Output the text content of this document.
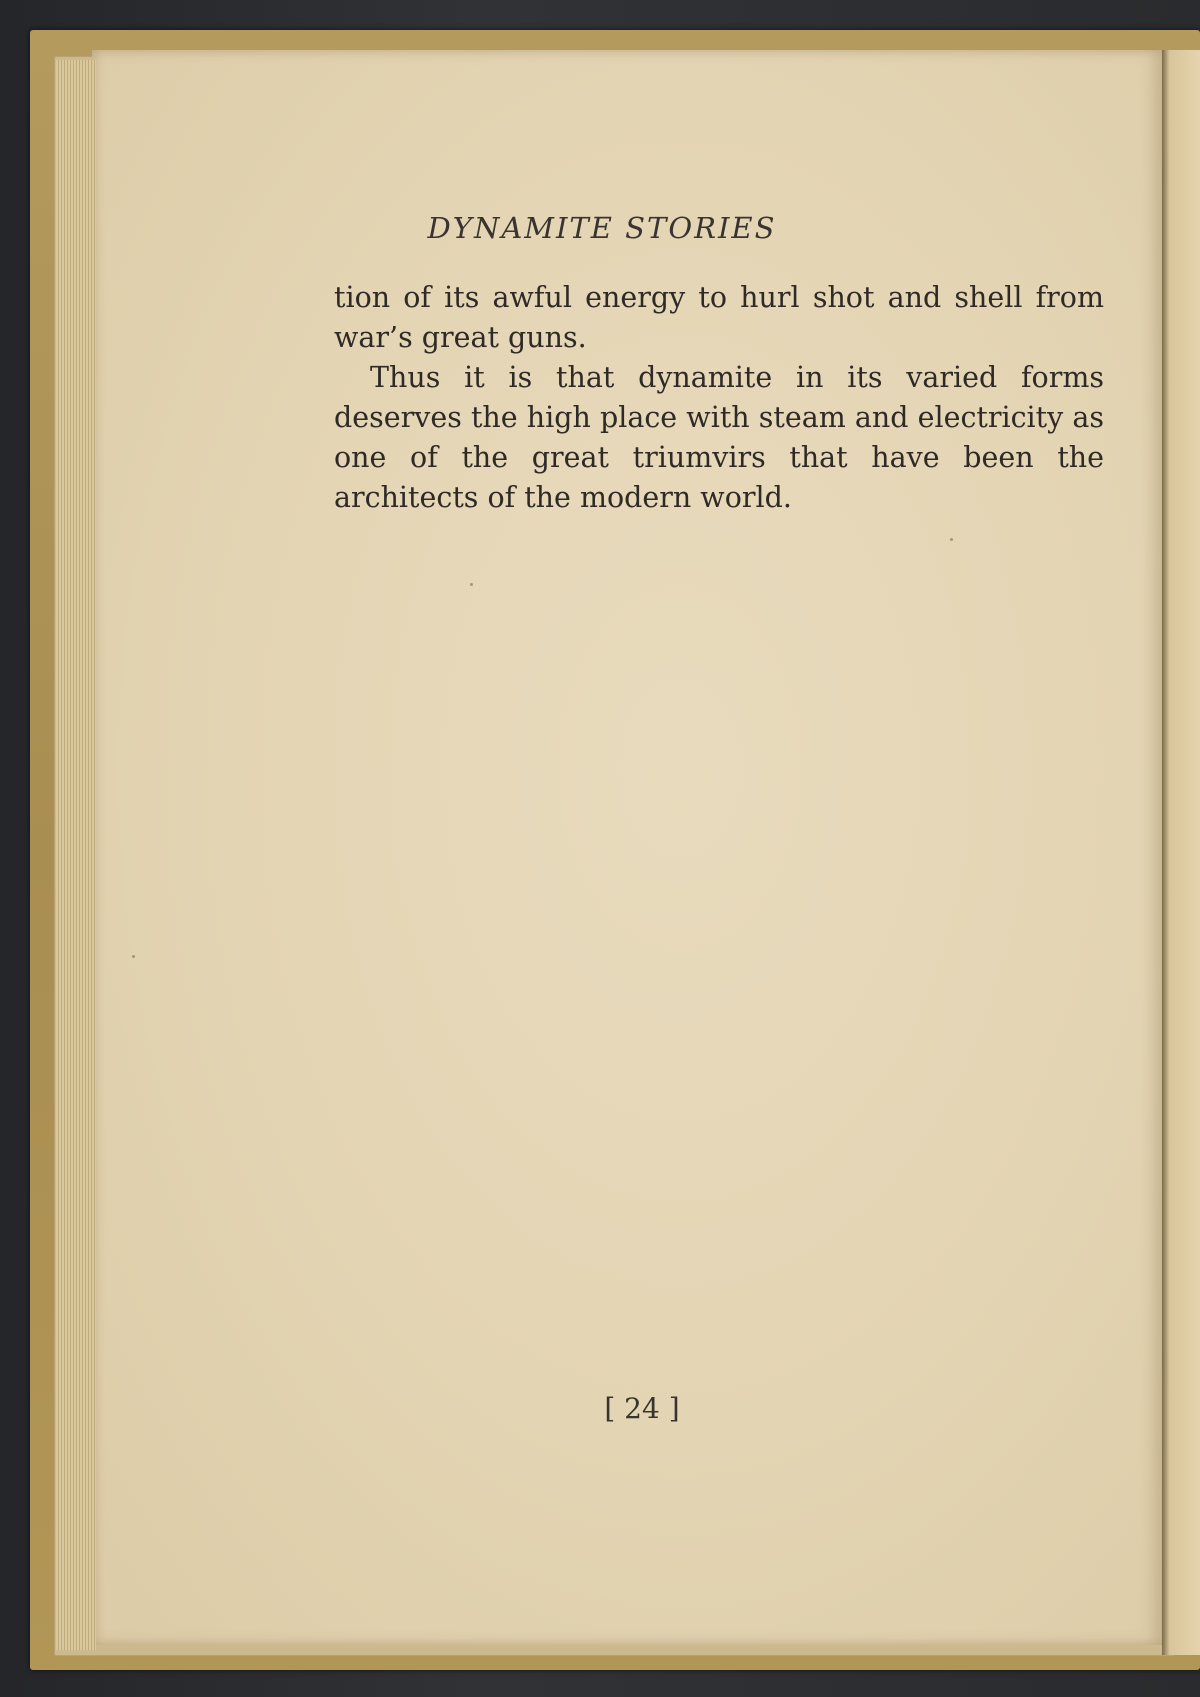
DYNAMITE STORIES

tion of its awful energy to hurl shot and shell from war’s great guns.

Thus it is that dynamite in its varied forms deserves the high place with steam and electricity as one of the great triumvirs that have been the architects of the modern world.

[ 24 ]
